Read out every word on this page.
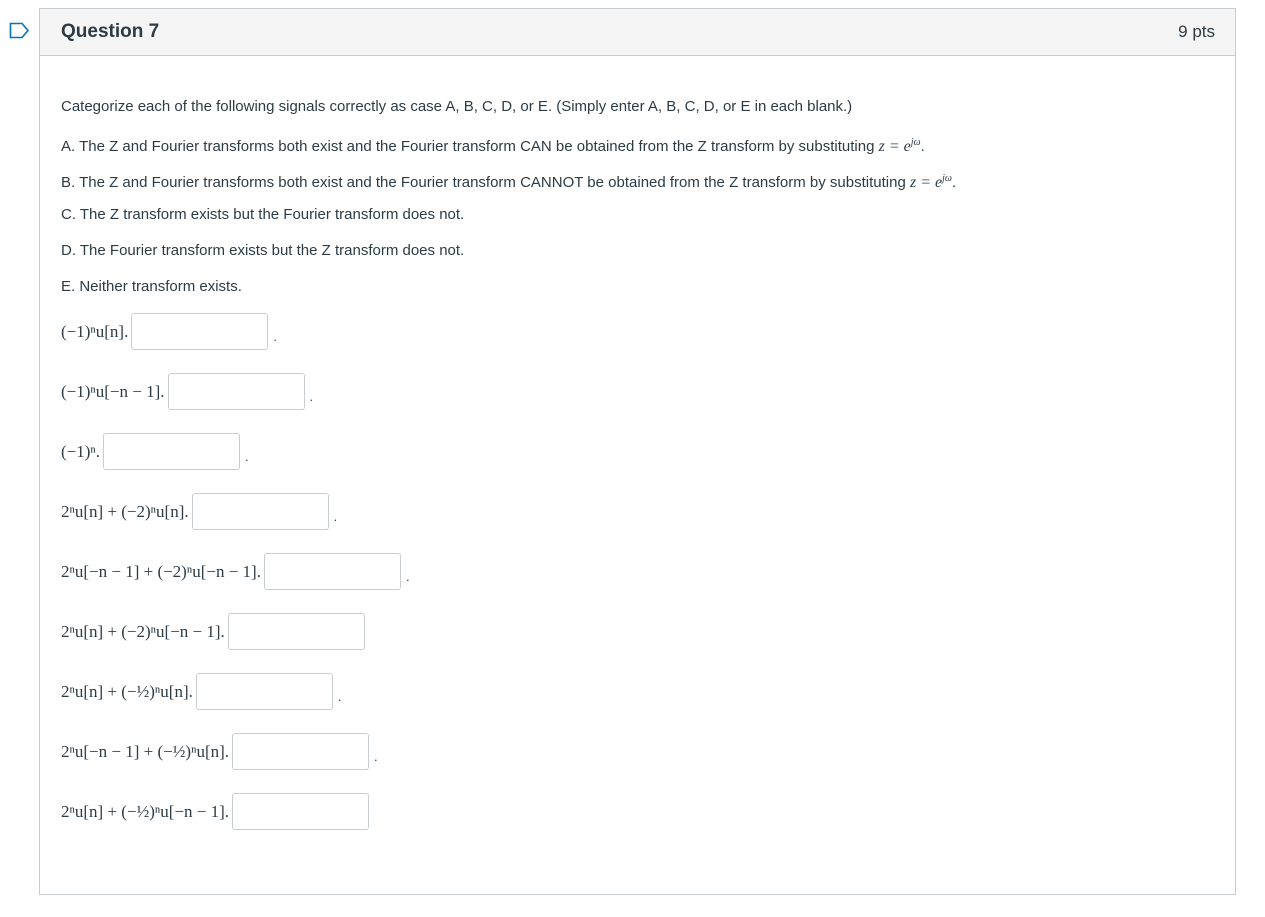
Question 7	9 pts
Categorize each of the following signals correctly as case A, B, C, D, or E. (Simply enter A, B, C, D, or E in each blank.)
A. The Z and Fourier transforms both exist and the Fourier transform CAN be obtained from the Z transform by substituting $z = e^{j\omega}$.
B. The Z and Fourier transforms both exist and the Fourier transform CANNOT be obtained from the Z transform by substituting $z = e^{j\omega}$.
C. The Z transform exists but the Fourier transform does not.
D. The Fourier transform exists but the Z transform does not.
E. Neither transform exists.
(−1)ⁿu[n].	.
(−1)ⁿu[−n − 1].	.
(−1)ⁿ.	.
2ⁿu[n] + (−2)ⁿu[n].	.
2ⁿu[−n − 1] + (−2)ⁿu[−n − 1].	.
2ⁿu[n] + (−2)ⁿu[−n − 1].
2ⁿu[n] + (−½)ⁿu[n].	.
2ⁿu[−n − 1] + (−½)ⁿu[n].	.
2ⁿu[n] + (−½)ⁿu[−n − 1].
